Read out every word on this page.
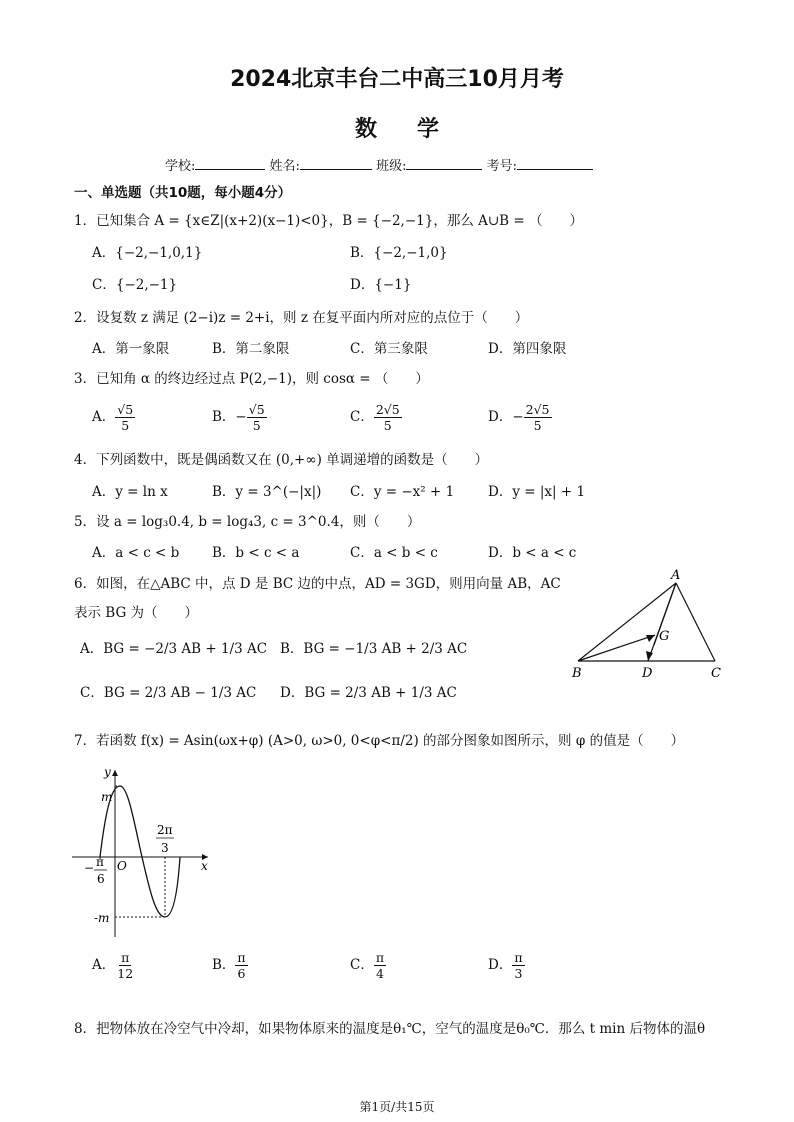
2024北京丰台二中高三10月月考
数学
学校:	姓名:	班级:	考号:
一、单选题（共10题，每小题4分）
1．已知集合 A = {x∈Z|(x+2)(x−1)<0}，B = {−2,−1}，那么 A∪B = （　　）
A．{−2,−1,0,1}	B．{−2,−1,0}
C．{−2,−1}	D．{−1}
2．设复数 z 满足 (2−i)z = 2+i，则 z 在复平面内所对应的点位于（　　）
A．第一象限	B．第二象限	C．第三象限	D．第四象限
3．已知角 α 的终边经过点 P(2,−1)，则 cosα = （　　）
A． $\frac{√5}{5}$	B．− $\frac{√5}{5}$	C． $\frac{2√5}{5}$	D．− $\frac{2√5}{5}$
4．下列函数中，既是偶函数又在 (0,+∞) 单调递增的函数是（　　）
A．y = ln x	B．y = 3^(−|x|) C．y = −x² + 1	D．y = |x| + 1
5．设 a = log₃0.4, b = log₄3, c = 3^0.4，则（　　）
A．a < c < b B．b < c < a	C．a < b < c	D．b < a < c
6．如图，在△ABC 中，点 D 是 BC 边的中点，AD = 3GD，则用向量 AB，AC
表示 BG 为（　　）
A．BG = −2/3 AB + 1/3 AC
C．BG = 2/3 AB − 1/3 AC
B．BG = −1/3 AB + 2/3 AC
D．BG = 2/3 AB + 1/3 AC
A
B	C
D
G
7．若函数 f(x) = Asin(ωx+φ) (A>0, ω>0, 0<φ<π/2) 的部分图象如图所示，则 φ 的值是（　　）
y
x
m
-m
O
2π
3
− π
6
A． $\frac{\pi}{12}$	B． $\frac{\pi}{6}$	C． $\frac{\pi}{4}$	D． $\frac{\pi}{3}$
8．把物体放在冷空气中冷却，如果物体原来的温度是θ₁℃，空气的温度是θ₀℃．那么 t min 后物体的温θ
第1页/共15页
